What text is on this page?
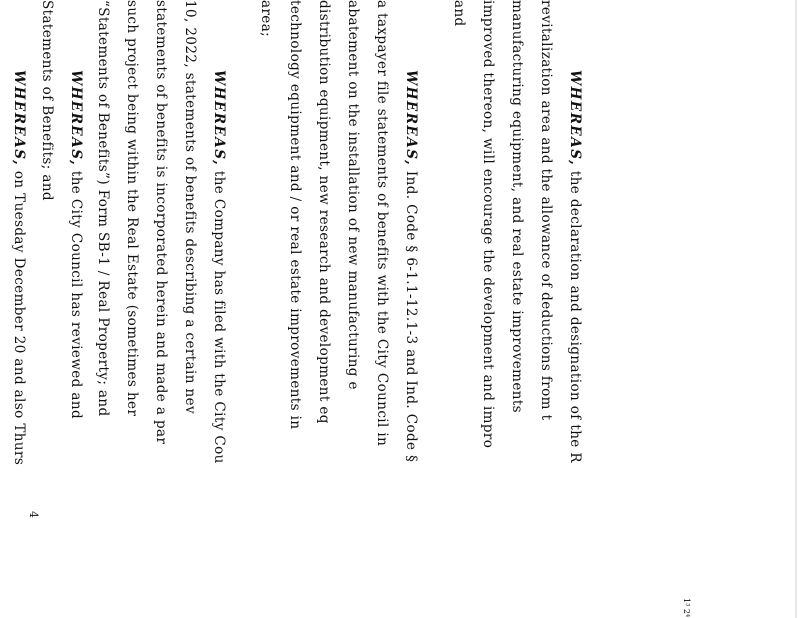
1³ 2⁴
WHEREAS, the declaration and designation of the R
revitalization area and the allowance of deductions from t
manufacturing equipment, and real estate improvements
improved thereon, will encourage the development and impro
and
WHEREAS, Ind. Code § 6-1.1-12.1-3 and Ind. Code §
a taxpayer file statements of benefits with the City Council in
abatement on the installation of new manufacturing e
distribution equipment, new research and development eq
technology equipment and / or real estate improvements in
area;
WHEREAS, the Company has filed with the City Cou
10, 2022, statements of benefits describing a certain nev
statements of benefits is incorporated herein and made a par
such project being within the Real Estate (sometimes her
“Statements of Benefits”) Form SB-1 / Real Property; and
WHEREAS, the City Council has reviewed and
Statements of Benefits; and
WHEREAS, on Tuesday December 20 and also Thurs
4
